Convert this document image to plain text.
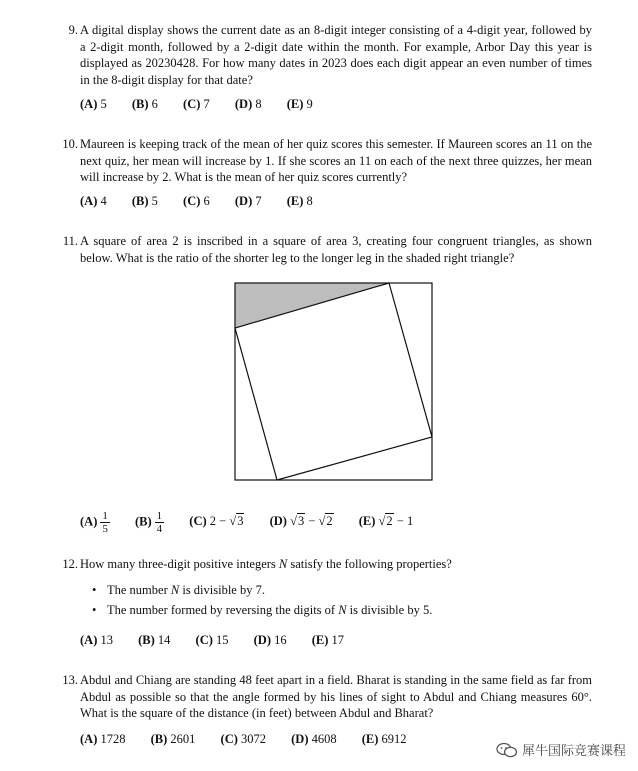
9. A digital display shows the current date as an 8-digit integer consisting of a 4-digit year, followed by a 2-digit month, followed by a 2-digit date within the month. For example, Arbor Day this year is displayed as 20230428. For how many dates in 2023 does each digit appear an even number of times in the 8-digit display for that date?
(A) 5 (B) 6 (C) 7 (D) 8 (E) 9
10. Maureen is keeping track of the mean of her quiz scores this semester. If Maureen scores an 11 on the next quiz, her mean will increase by 1. If she scores an 11 on each of the next three quizzes, her mean will increase by 2. What is the mean of her quiz scores currently?
(A) 4 (B) 5 (C) 6 (D) 7 (E) 8
11. A square of area 2 is inscribed in a square of area 3, creating four congruent triangles, as shown below. What is the ratio of the shorter leg to the longer leg in the shaded right triangle?
$(A) \frac{1}{5} (B) \frac{1}{4} (C) 2 - √3$ (D) √3 − √2 (E) √2 − 1
12. How many three-digit positive integers N satisfy the following properties?
• The number N is divisible by 7.
• The number formed by reversing the digits of N is divisible by 5.
(A) 13 (B) 14 (C) 15 (D) 16 (E) 17
13. Abdul and Chiang are standing 48 feet apart in a field. Bharat is standing in the same field as far from Abdul as possible so that the angle formed by his lines of sight to Abdul and Chiang measures 60°. What is the square of the distance (in feet) between Abdul and Bharat?
(A) 1728 (B) 2601 (C) 3072 (D) 4608 (E) 6912
犀牛国际竞赛课程
